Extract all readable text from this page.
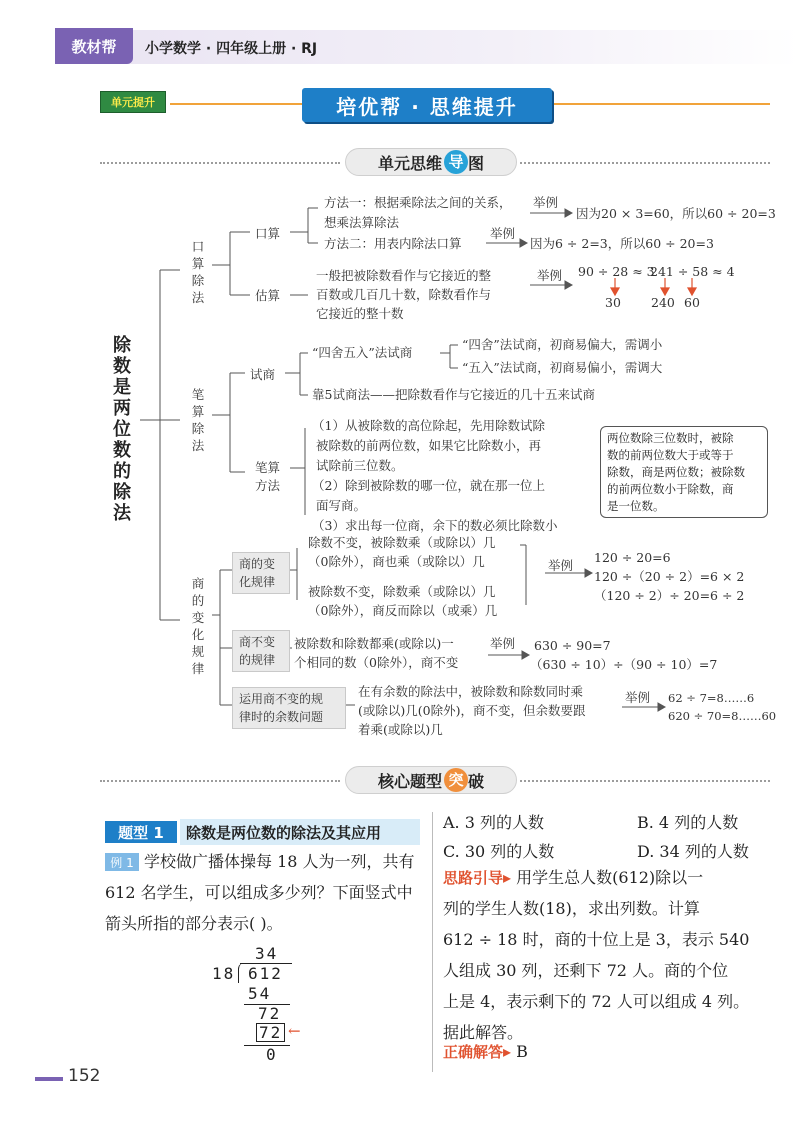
教材帮	小学数学 · 四年级上册 · RJ
单元提升	培优帮 · 思维提升
单元思维 导 图
除
数
是
两
位
数
的
除
法
口
算
除
法
口算
方法一：根据乘除法之间的关系，
想乘法算除法
举例
因为20 × 3=60，所以60 ÷ 20=3
方法二：用表内除法口算
举例
因为6 ÷ 2=3，所以60 ÷ 20=3
估算
一般把被除数看作与它接近的整
百数或几百几十数，除数看作与
它接近的整十数
举例 90 ÷ 28 ≈ 3
241 ÷ 58 ≈ 4
30 240 60
笔
算
除
法
试商
“四舍五入”法试商
“四舍”法试商，初商易偏大，需调小
“五入”法试商，初商易偏小，需调大
靠5试商法——把除数看作与它接近的几十五来试商
笔算
方法
（1）从被除数的高位除起，先用除数试除
被除数的前两位数，如果它比除数小，再
试除前三位数。
（2）除到被除数的哪一位，就在那一位上
面写商。
（3）求出每一位商，余下的数必须比除数小
两位数除三位数时，被除
数的前两位数大于或等于
除数，商是两位数；被除数
的前两位数小于除数，商
是一位数。
商
的
变
化
规
律
商的变
化规律
除数不变，被除数乘（或除以）几
（0除外），商也乘（或除以）几
被除数不变，除数乘（或除以）几
（0除外），商反而除以（或乘）几
举例
120 ÷ 20=6
120 ÷（20 ÷ 2）=6 × 2
（120 ÷ 2）÷ 20=6 ÷ 2
商不变
的规律
被除数和除数都乘(或除以)一
个相同的数（0除外），商不变
举例 630 ÷ 90=7
（630 ÷ 10）÷（90 ÷ 10）=7
运用商不变的规
律时的余数问题
在有余数的除法中，被除数和除数同时乘
(或除以)几(0除外)，商不变，但余数要跟
着乘(或除以)几
举例 62 ÷ 7=8……6
620 ÷ 70=8……60
核心题型 突 破
题型 1	除数是两位数的除法及其应用
例 1 学校做广播体操每 18 人为一列，共有
612 名学生，可以组成多少列？下面竖式中
箭头所指的部分表示( )。
34
18 612
54
72
72 ←
0
A. 3 列的人数	B. 4 列的人数
C. 30 列的人数	D. 34 列的人数
思路引导▸ 用学生总人数(612)除以一
列的学生人数(18)，求出列数。计算
612 ÷ 18 时，商的十位上是 3，表示 540
人组成 30 列，还剩下 72 人。商的个位
上是 4，表示剩下的 72 人可以组成 4 列。
据此解答。
正确解答▸ B
152
